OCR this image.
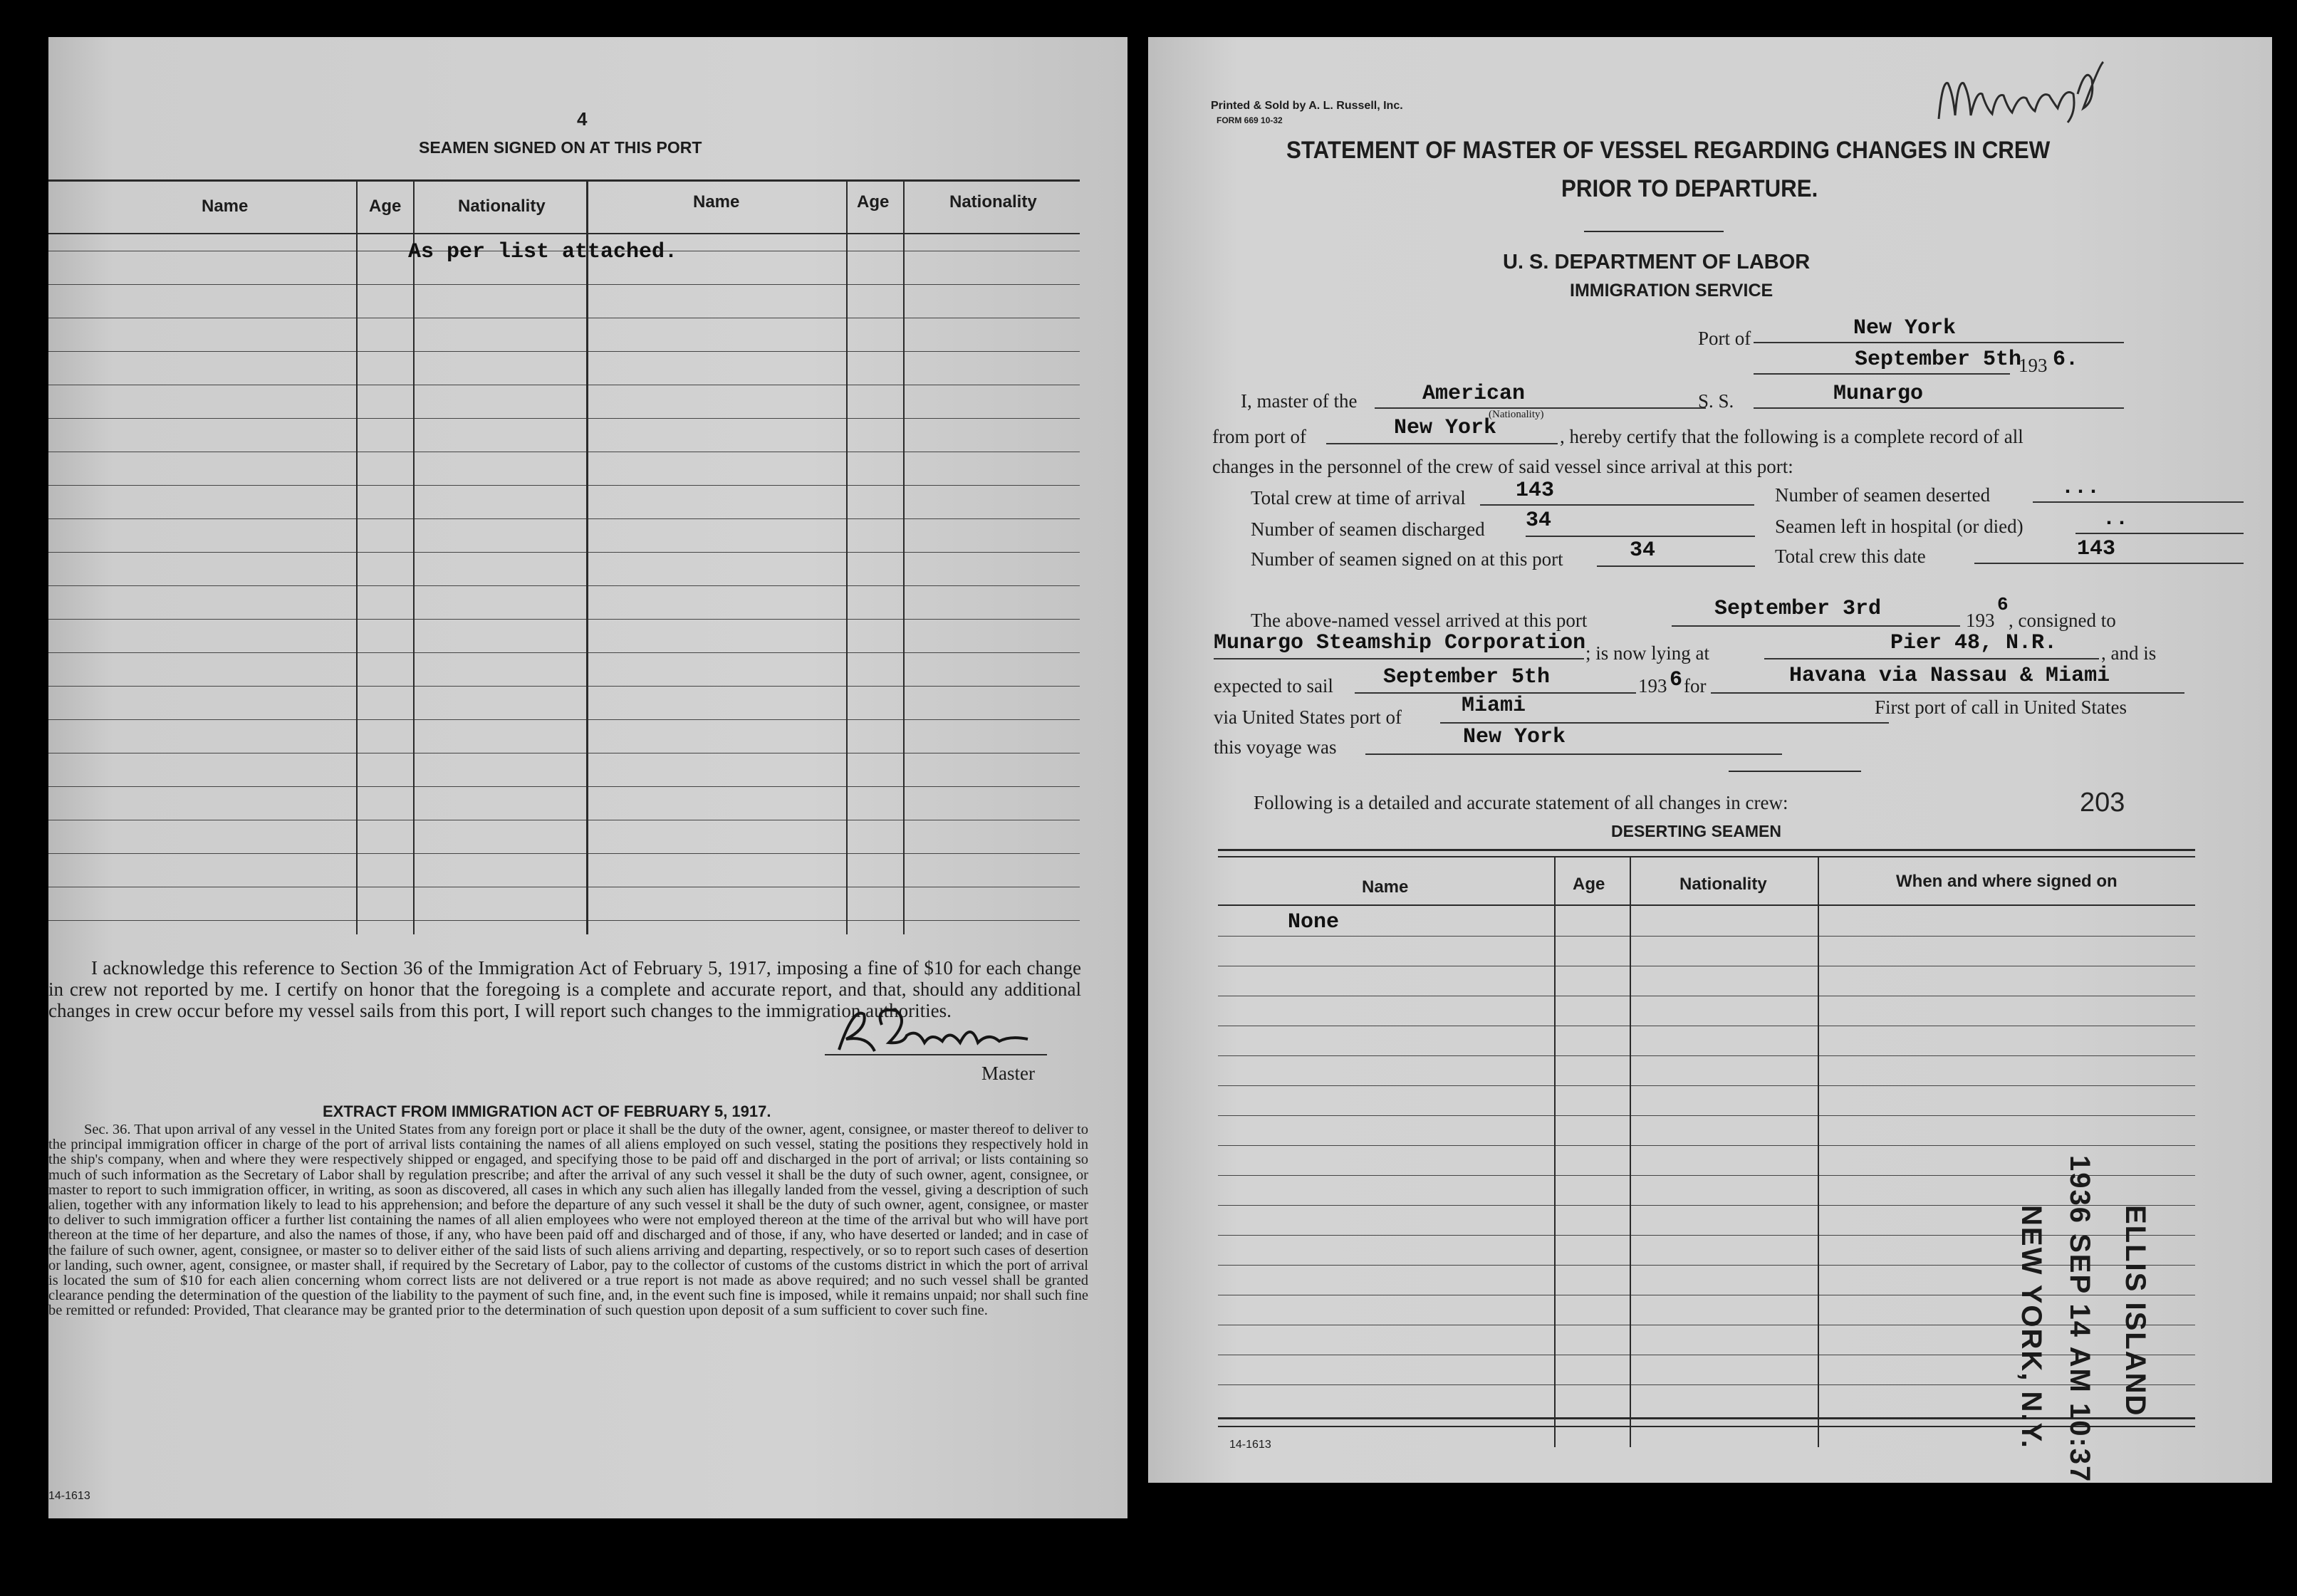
4
SEAMEN SIGNED ON AT THIS PORT
Name	Age	Nationality	Name	Age	Nationality
As per list attached.
I acknowledge this reference to Section 36 of the Immigration Act of February 5, 1917, imposing a fine of $10 for each change in crew not reported by me. I certify on honor that the foregoing is a complete and accurate report, and that, should any additional changes in crew occur before my vessel sails from this port, I will report such changes to the immigration authorities.
Master
EXTRACT FROM IMMIGRATION ACT OF FEBRUARY 5, 1917.
Sec. 36. That upon arrival of any vessel in the United States from any foreign port or place it shall be the duty of the owner, agent, consignee, or master thereof to deliver to the principal immigration officer in charge of the port of arrival lists containing the names of all aliens employed on such vessel, stating the positions they respectively hold in the ship's company, when and where they were respectively shipped or engaged, and specifying those to be paid off and discharged in the port of arrival; or lists containing so much of such information as the Secretary of Labor shall by regulation prescribe; and after the arrival of any such vessel it shall be the duty of such owner, agent, consignee, or master to report to such immigration officer, in writing, as soon as discovered, all cases in which any such alien has illegally landed from the vessel, giving a description of such alien, together with any information likely to lead to his apprehension; and before the departure of any such vessel it shall be the duty of such owner, agent, consignee, or master to deliver to such immigration officer a further list containing the names of all alien employees who were not employed thereon at the time of the arrival but who will have port thereon at the time of her departure, and also the names of those, if any, who have been paid off and discharged and of those, if any, who have deserted or landed; and in case of the failure of such owner, agent, consignee, or master so to deliver either of the said lists of such aliens arriving and departing, respectively, or so to report such cases of desertion or landing, such owner, agent, consignee, or master shall, if required by the Secretary of Labor, pay to the collector of customs of the customs district in which the port of arrival is located the sum of $10 for each alien concerning whom correct lists are not delivered or a true report is not made as above required; and no such vessel shall be granted clearance pending the determination of the question of the liability to the payment of such fine, and, in the event such fine is imposed, while it remains unpaid; nor shall such fine be remitted or refunded: Provided, That clearance may be granted prior to the determination of such question upon deposit of a sum sufficient to cover such fine.
14-1613
Printed & Sold by A. L. Russell, Inc.
FORM 669 10-32
STATEMENT OF MASTER OF VESSEL REGARDING CHANGES IN CREW
PRIOR TO DEPARTURE.
U. S. DEPARTMENT OF LABOR
IMMIGRATION SERVICE
Port of	New York
September 5th
193 6.
I, master of the	American	S. S.	Munargo
from port of	New York
(Nationality)
, hereby certify that the following is a complete record of all
changes in the personnel of the crew of said vessel since arrival at this port:
Total crew at time of arrival 143	Number of seamen deserted	...
Number of seamen discharged 34	Seamen left in hospital (or died)	..
Number of seamen signed on at this port	34	Total crew this date	143
The above-named vessel arrived at this port	September 3rd	193
6
, consigned to
Munargo Steamship Corporation ; is now lying at	Pier 48, N.R. , and is
expected to sail September 5th	193 6 for	Havana via Nassau & Miami
via United States port of	Miami	First port of call in United States
this voyage was	New York
Following is a detailed and accurate statement of all changes in crew:	203
DESERTING SEAMEN
Name	Age	Nationality	When and where signed on
None
ELLIS ISLAND
1936 SEP 14 AM 10:37
NEW YORK, N.Y.
14-1613
